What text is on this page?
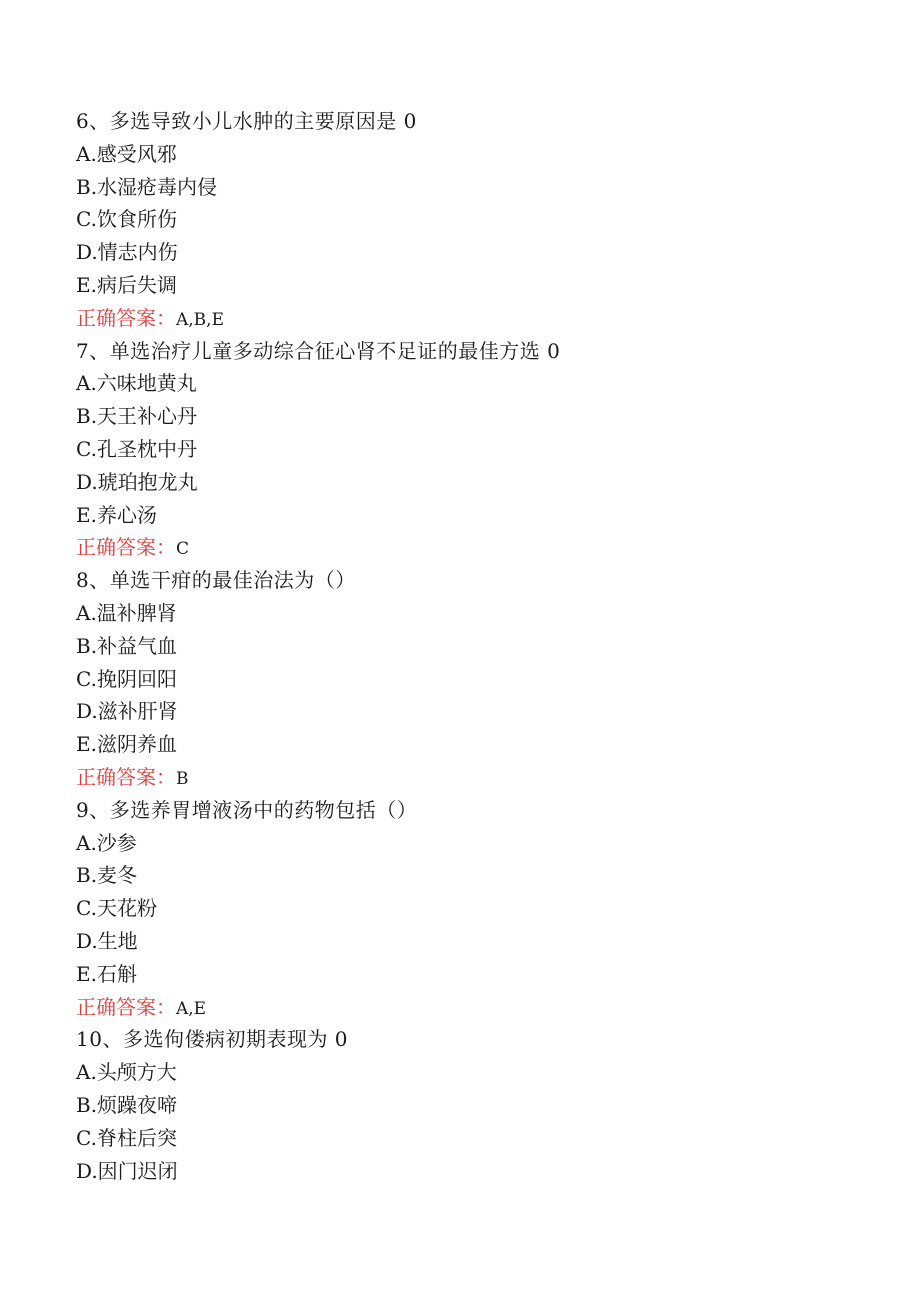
6、多选导致小儿水肿的主要原因是 0
A.感受风邪
B.水湿疮毒内侵
C.饮食所伤
D.情志内伤
E.病后失调
正确答案：A,B,E
7、单选治疗儿童多动综合征心肾不足证的最佳方选 0
A.六味地黄丸
B.天王补心丹
C.孔圣枕中丹
D.琥珀抱龙丸
E.养心汤
正确答案：C
8、单选干疳的最佳治法为（）
A.温补脾肾
B.补益气血
C.挽阴回阳
D.滋补肝肾
E.滋阴养血
正确答案：B
9、多选养胃增液汤中的药物包括（）
A.沙参
B.麦冬
C.天花粉
D.生地
E.石斛
正确答案：A,E
10、多选佝偻病初期表现为 0
A.头颅方大
B.烦躁夜啼
C.脊柱后突
D.因门迟闭
